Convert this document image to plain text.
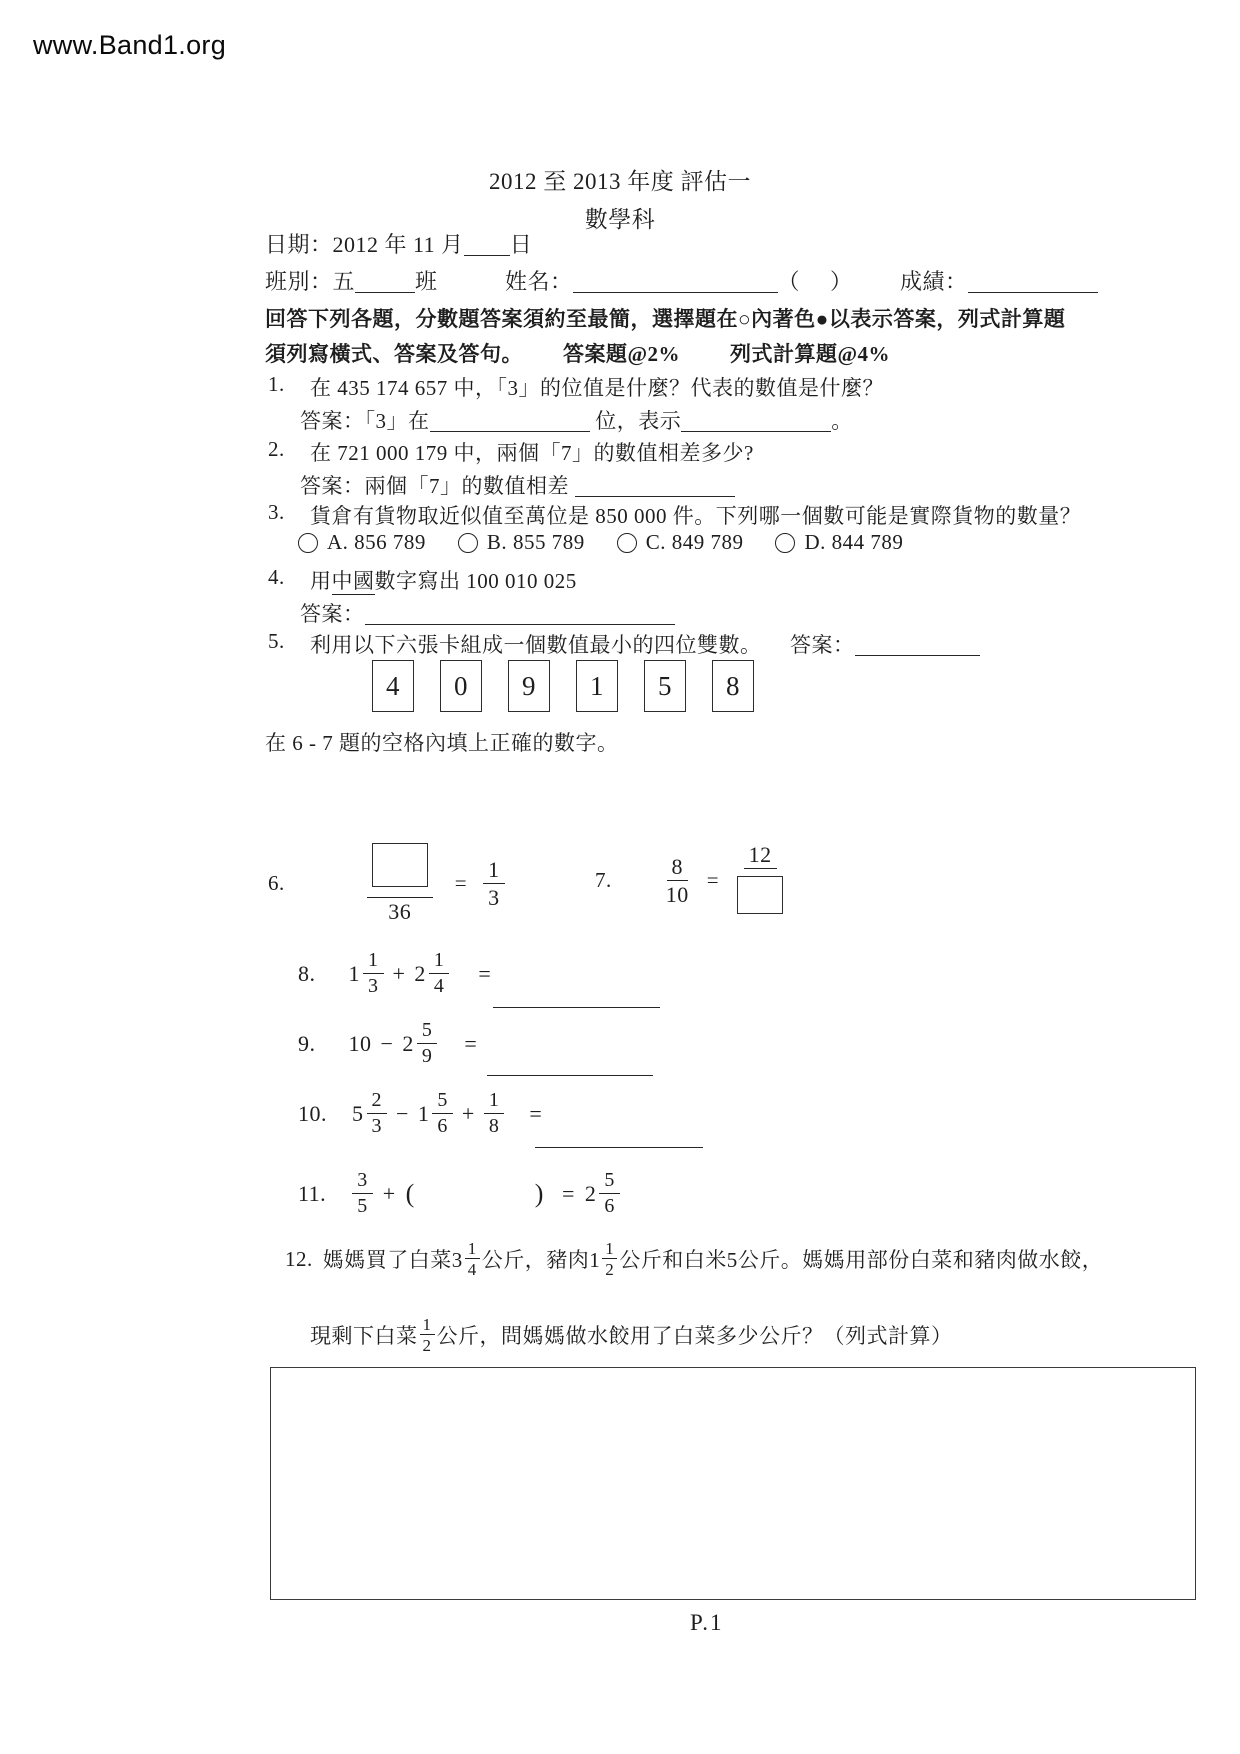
www.Band1.org
2012 至 2013 年度 評估一
數學科
日期：2012 年 11 月 日
班別：五	班	姓名：	（ ） 成績：
回答下列各題，分數題答案須約至最簡，選擇題在○內著色●以表示答案，列式計算題
須列寫橫式、答案及答句。 答案題@2% 列式計算題@4%
1. 在 435 174 657 中，「3」的位值是什麼？代表的數值是什麼？
答案：「3」在	位，表示	。
2. 在 721 000 179 中，兩個「7」的數值相差多少?
答案：兩個「7」的數值相差
3. 貨倉有貨物取近似值至萬位是 850 000 件。下列哪一個數可能是實際貨物的數量？
A.
856 789	B.
855 789	C.
849 789	D.
844 789
4. 用中國數字寫出 100 010 025
答案：
5. 利用以下六張卡組成一個數值最小的四位雙數。 答案：
4	0	9	1	5	8
在 6 - 7 題的空格內填上正確的數字。
6.
36
= $\frac{1}{3}$	7. $\frac{8}{10}$ =
12
8. $1 \frac{1}{3} + 2 \frac{1}{4}$ =
9. $10 - 2 \frac{5}{9}$ =
10. $5 \frac{2}{3} - 1 \frac{5}{6} + \frac{1}{8}$ =
11. $\frac{3}{5}$ + (	) = $2 \frac{5}{6}$
12. 媽媽買了白菜$3 \frac{1}{4}$ 公斤，豬肉$1 \frac{1}{2}$ 公斤和白米5公斤。媽媽用部份白菜和豬肉做水餃，
現剩下白菜 $\frac{1}{2}$ 公斤，問媽媽做水餃用了白菜多少公斤？（列式計算）
P.1
